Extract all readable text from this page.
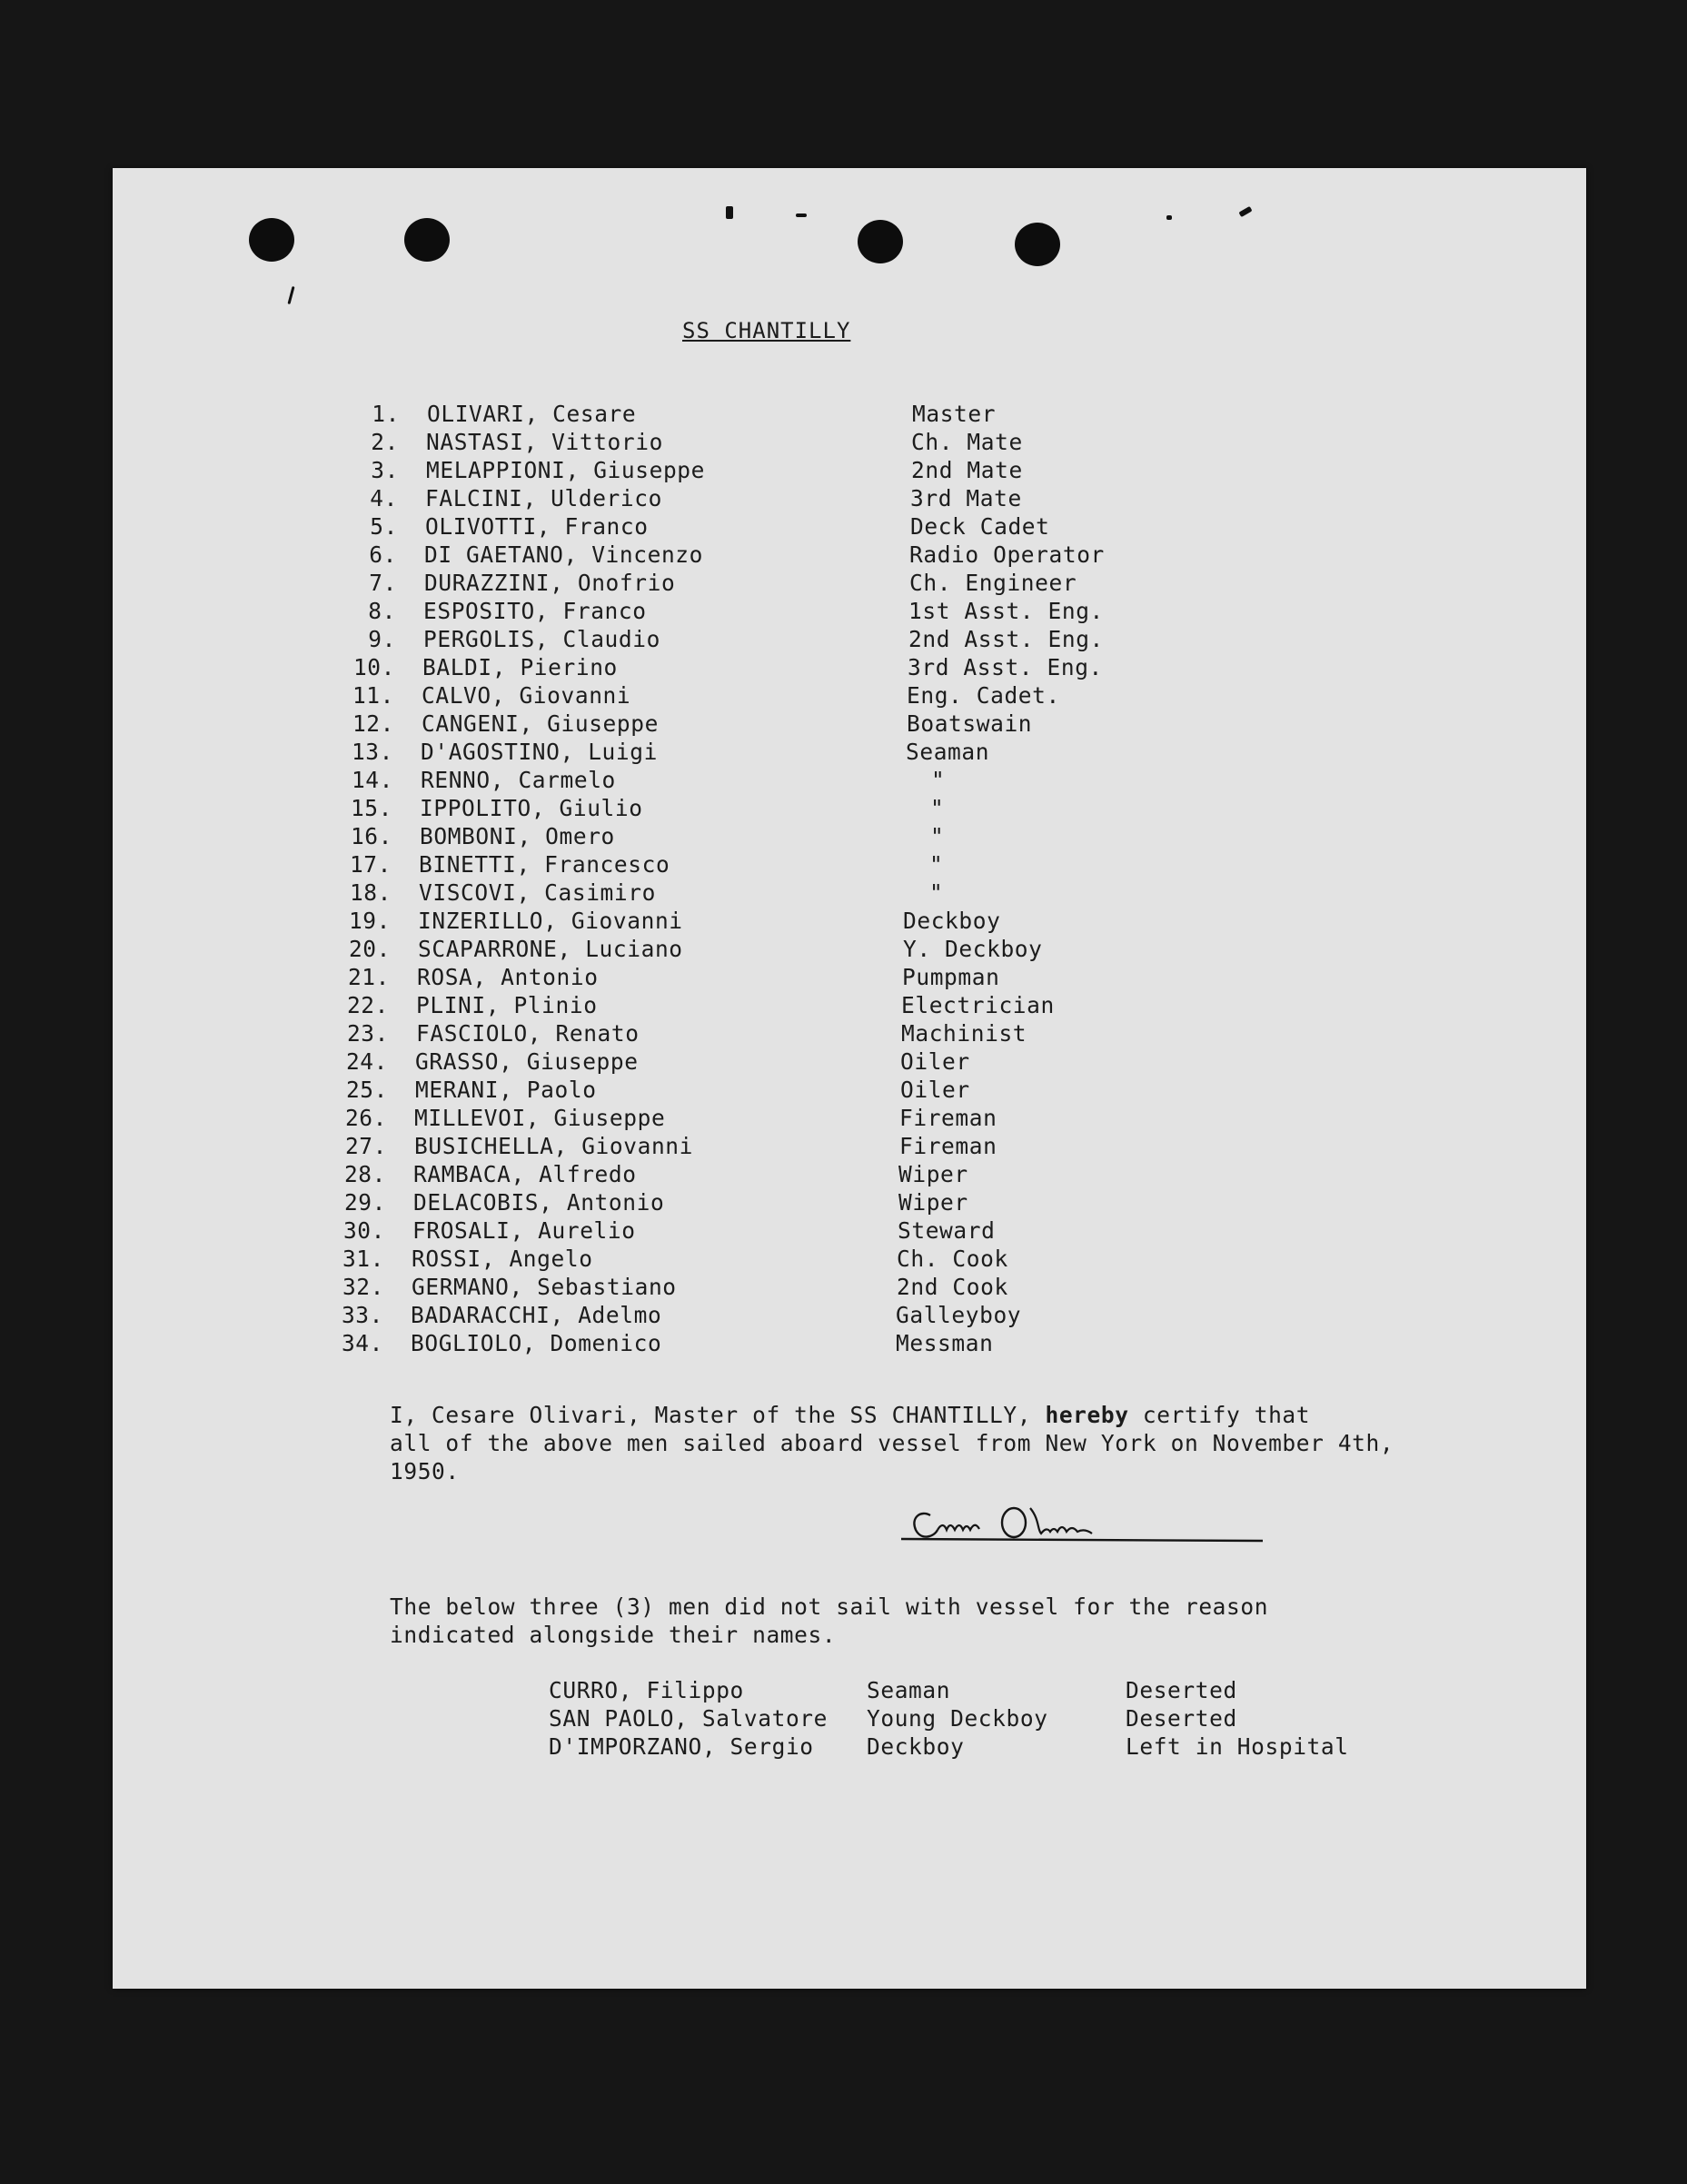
SS CHANTILLY
1.	OLIVARI, Cesare	Master
2.	NASTASI, Vittorio	Ch. Mate
3.	MELAPPIONI, Giuseppe	2nd Mate
4.	FALCINI, Ulderico	3rd Mate
5.	OLIVOTTI, Franco	Deck Cadet
6.	DI GAETANO, Vincenzo	Radio Operator
7.	DURAZZINI, Onofrio	Ch. Engineer
8.	ESPOSITO, Franco	1st Asst. Eng.
9.	PERGOLIS, Claudio	2nd Asst. Eng.
10.	BALDI, Pierino	3rd Asst. Eng.
11.	CALVO, Giovanni	Eng. Cadet.
12.	CANGENI, Giuseppe	Boatswain
13.	D'AGOSTINO, Luigi	Seaman
14.	RENNO, Carmelo	"
15.	IPPOLITO, Giulio	"
16.	BOMBONI, Omero	"
17.	BINETTI, Francesco	"
18.	VISCOVI, Casimiro	"
19.	INZERILLO, Giovanni	Deckboy
20.	SCAPARRONE, Luciano	Y. Deckboy
21.	ROSA, Antonio	Pumpman
22.	PLINI, Plinio	Electrician
23.	FASCIOLO, Renato	Machinist
24.	GRASSO, Giuseppe	Oiler
25.	MERANI, Paolo	Oiler
26.	MILLEVOI, Giuseppe	Fireman
27.	BUSICHELLA, Giovanni	Fireman
28.	RAMBACA, Alfredo	Wiper
29.	DELACOBIS, Antonio	Wiper
30.	FROSALI, Aurelio	Steward
31.	ROSSI, Angelo	Ch. Cook
32.	GERMANO, Sebastiano	2nd Cook
33.	BADARACCHI, Adelmo	Galleyboy
34.	BOGLIOLO, Domenico	Messman
I, Cesare Olivari, Master of the SS CHANTILLY, hereby certify that
all of the above men sailed aboard vessel from New York on November 4th,
1950.
The below three (3) men did not sail with vessel for the reason
indicated alongside their names.
CURRO, Filippo	Seaman	Deserted
SAN PAOLO, Salvatore	Young Deckboy	Deserted
D'IMPORZANO, Sergio	Deckboy	Left in Hospital
